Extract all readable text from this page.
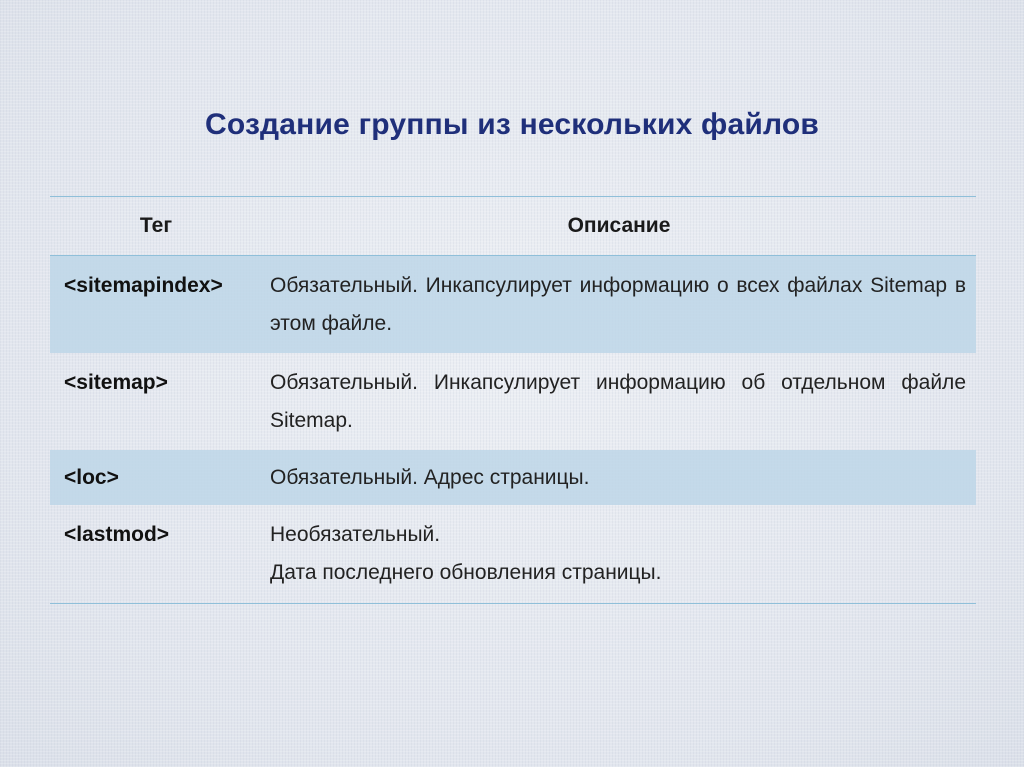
Создание группы из нескольких файлов
Тег	Описание
<sitemapindex>	Обязательный. Инкапсулирует информацию о всех файлах Sitemap в этом файле.
<sitemap>	Обязательный. Инкапсулирует информацию об отдельном файле Sitemap.
<loc>	Обязательный. Адрес страницы.
<lastmod>	Необязательный.
Дата последнего обновления страницы.
